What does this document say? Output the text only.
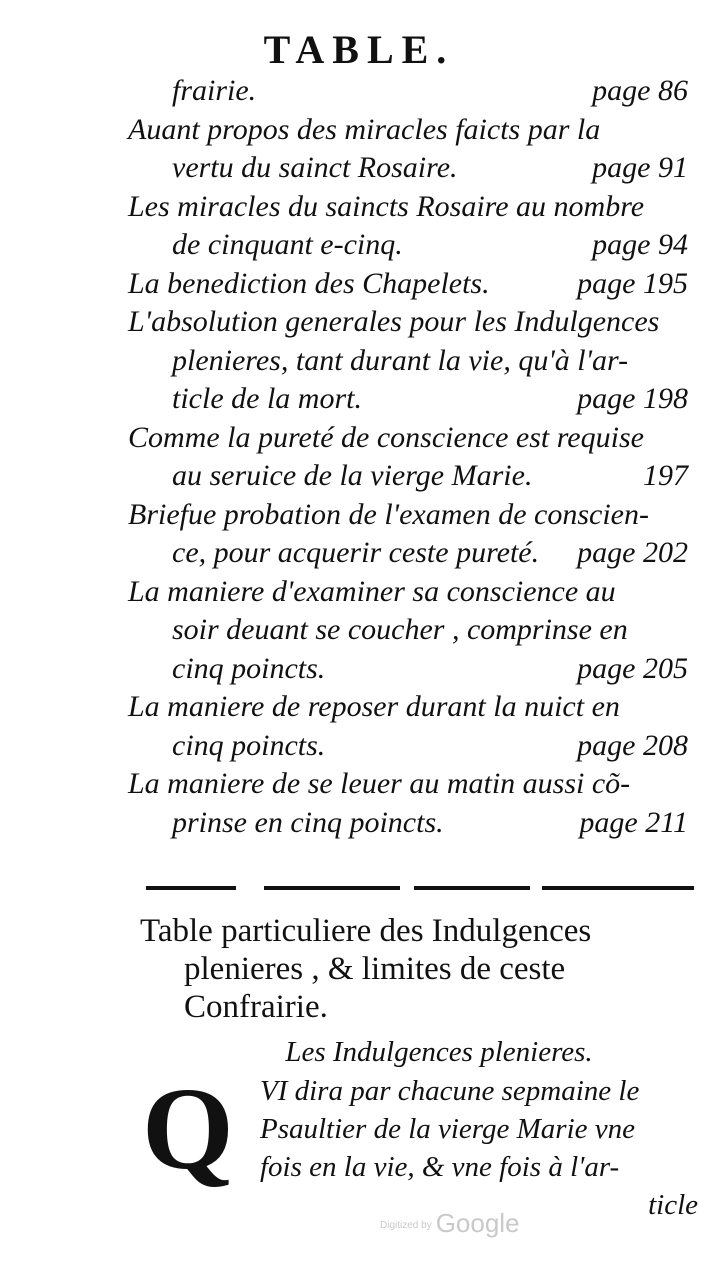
TABLE.
frairie.	page 86
Auant propos des miracles faicts par la
vertu du sainct Rosaire.	page 91
Les miracles du saincts Rosaire au nombre
de cinquant e-cinq.	page 94
La benediction des Chapelets.	page 195
L'absolution generales pour les Indulgences
plenieres, tant durant la vie, qu'à l'ar-
ticle de la mort.	page 198
Comme la pureté de conscience est requise
au seruice de la vierge Marie.	197
Briefue probation de l'examen de conscien-
ce, pour acquerir ceste pureté.	page 202
La maniere d'examiner sa conscience au
soir deuant se coucher , comprinse en
cinq poincts.	page 205
La maniere de reposer durant la nuict en
cinq poincts.	page 208
La maniere de se leuer au matin aussi cõ-
prinse en cinq poincts.	page 211
Table particuliere des Indulgences
plenieres , & limites de ceste
Confrairie.
Les Indulgences plenieres.
Q VI dira par chacune sepmaine le
Psaultier de la vierge Marie vne
fois en la vie, & vne fois à l'ar-
ticle
$^{Digitized by}$ Google
